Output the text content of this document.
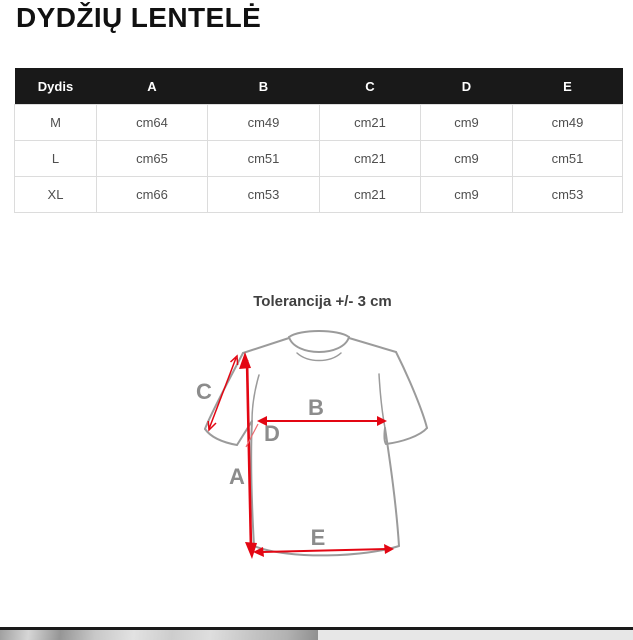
DYDŽIŲ LENTELĖ
Dydis	A	B	C	D	E
M	cm64	cm49	cm21	cm9	cm49
L	cm65	cm51	cm21	cm9	cm51
XL	cm66	cm53	cm21	cm9	cm53
Tolerancija +/- 3 cm
C
A
B
D
E
